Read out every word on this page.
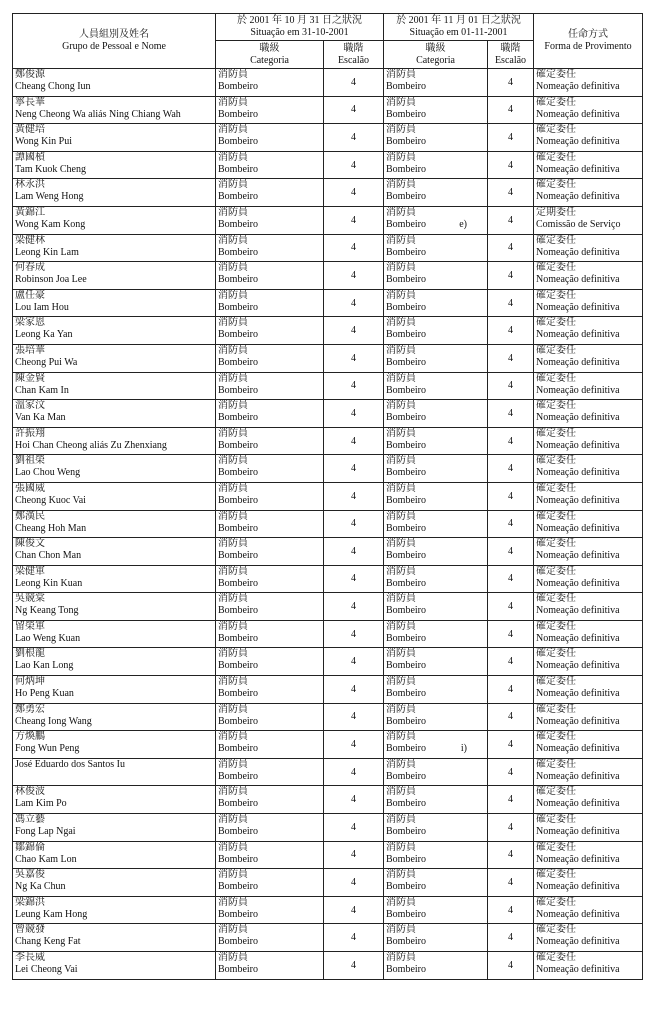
人員組別及姓名
Grupo de Pessoal e Nome	於 2001 年 10 月 31 日之狀況
Situação em 31-10-2001		於 2001 年 11 月 01 日之狀況
Situação em 01-11-2001		任命方式
Forma de Provimento

	職級
Categoria	職階
Escalão	職級
Categoria	職階
Escalão	

鄭俊源
Cheang Chong Iun	消防員
Bombeiro	4	消防員
Bombeiro	4	確定委任
Nomeação definitiva

寧長華
Neng Cheong Wa aliás Ning Chiang Wah	消防員
Bombeiro	4	消防員
Bombeiro	4	確定委任
Nomeação definitiva

黃健培
Wong Kin Pui	消防員
Bombeiro	4	消防員
Bombeiro	4	確定委任
Nomeação definitiva

譚國楨
Tam Kuok Cheng	消防員
Bombeiro	4	消防員
Bombeiro	4	確定委任
Nomeação definitiva

林永洪
Lam Weng Hong	消防員
Bombeiro	4	消防員
Bombeiro	4	確定委任
Nomeação definitiva

黃錦江
Wong Kam Kong	消防員
Bombeiro	4	消防員
Bombeiro e)	4	定期委任
Comissão de Serviço

梁健林
Leong Kin Lam	消防員
Bombeiro	4	消防員
Bombeiro	4	確定委任
Nomeação definitiva

何春成
Robinson Joa Lee	消防員
Bombeiro	4	消防員
Bombeiro	4	確定委任
Nomeação definitiva

盧任豪
Lou Iam Hou	消防員
Bombeiro	4	消防員
Bombeiro	4	確定委任
Nomeação definitiva

梁家恩
Leong Ka Yan	消防員
Bombeiro	4	消防員
Bombeiro	4	確定委任
Nomeação definitiva

張培華
Cheong Pui Wa	消防員
Bombeiro	4	消防員
Bombeiro	4	確定委任
Nomeação definitiva

陳金賢
Chan Kam In	消防員
Bombeiro	4	消防員
Bombeiro	4	確定委任
Nomeação definitiva

溫家汶
Van Ka Man	消防員
Bombeiro	4	消防員
Bombeiro	4	確定委任
Nomeação definitiva

許振翔
Hoi Chan Cheong aliás Zu Zhenxiang	消防員
Bombeiro	4	消防員
Bombeiro	4	確定委任
Nomeação definitiva

劉祖榮
Lao Chou Weng	消防員
Bombeiro	4	消防員
Bombeiro	4	確定委任
Nomeação definitiva

張國威
Cheong Kuoc Vai	消防員
Bombeiro	4	消防員
Bombeiro	4	確定委任
Nomeação definitiva

鄭漢民
Cheang Hoh Man	消防員
Bombeiro	4	消防員
Bombeiro	4	確定委任
Nomeação definitiva

陳俊文
Chan Chon Man	消防員
Bombeiro	4	消防員
Bombeiro	4	確定委任
Nomeação definitiva

梁健軍
Leong Kin Kuan	消防員
Bombeiro	4	消防員
Bombeiro	4	確定委任
Nomeação definitiva

吳競棠
Ng Keang Tong	消防員
Bombeiro	4	消防員
Bombeiro	4	確定委任
Nomeação definitiva

留榮軍
Lao Weng Kuan	消防員
Bombeiro	4	消防員
Bombeiro	4	確定委任
Nomeação definitiva

劉根龍
Lao Kan Long	消防員
Bombeiro	4	消防員
Bombeiro	4	確定委任
Nomeação definitiva

何炳坤
Ho Peng Kuan	消防員
Bombeiro	4	消防員
Bombeiro	4	確定委任
Nomeação definitiva

鄭勇宏
Cheang Iong Wang	消防員
Bombeiro	4	消防員
Bombeiro	4	確定委任
Nomeação definitiva

方煥鵬
Fong Wun Peng	消防員
Bombeiro	4	消防員
Bombeiro i)	4	確定委任
Nomeação definitiva

José Eduardo dos Santos Iu	消防員
Bombeiro	4	消防員
Bombeiro	4	確定委任
Nomeação definitiva

林俊波
Lam Kim Po	消防員
Bombeiro	4	消防員
Bombeiro	4	確定委任
Nomeação definitiva

馮立藝
Fong Lap Ngai	消防員
Bombeiro	4	消防員
Bombeiro	4	確定委任
Nomeação definitiva

鄒錦倫
Chao Kam Lon	消防員
Bombeiro	4	消防員
Bombeiro	4	確定委任
Nomeação definitiva

吳嘉俊
Ng Ka Chun	消防員
Bombeiro	4	消防員
Bombeiro	4	確定委任
Nomeação definitiva

梁錦洪
Leung Kam Hong	消防員
Bombeiro	4	消防員
Bombeiro	4	確定委任
Nomeação definitiva

曾競發
Chang Keng Fat	消防員
Bombeiro	4	消防員
Bombeiro	4	確定委任
Nomeação definitiva

李長威
Lei Cheong Vai	消防員
Bombeiro	4	消防員
Bombeiro	4	確定委任
Nomeação definitiva
